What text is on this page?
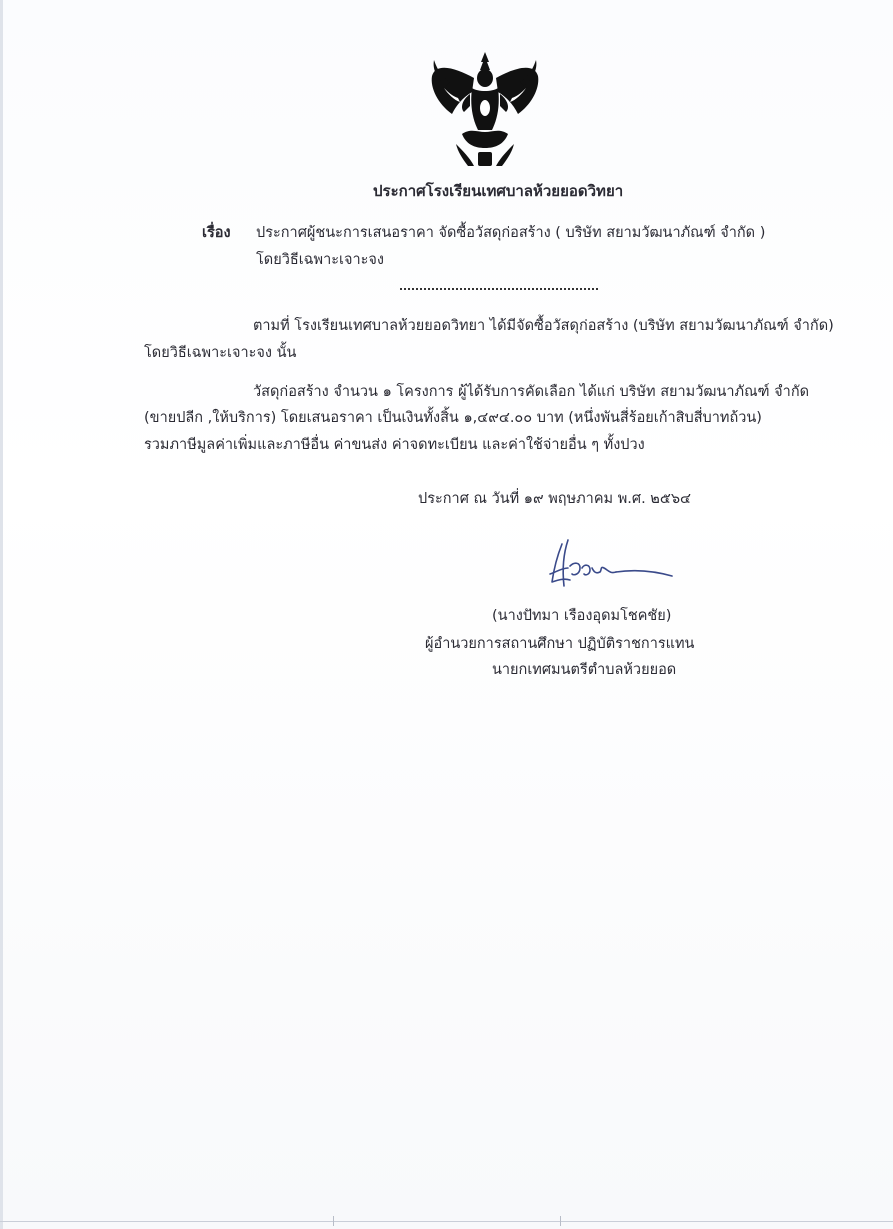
ประกาศโรงเรียนเทศบาลห้วยยอดวิทยา
เรื่อง ประกาศผู้ชนะการเสนอราคา จัดซื้อวัสดุก่อสร้าง ( บริษัท สยามวัฒนาภัณฑ์ จำกัด )
โดยวิธีเฉพาะเจาะจง
ตามที่ โรงเรียนเทศบาลห้วยยอดวิทยา ได้มีจัดซื้อวัสดุก่อสร้าง (บริษัท สยามวัฒนาภัณฑ์ จำกัด)
โดยวิธีเฉพาะเจาะจง นั้น
วัสดุก่อสร้าง จำนวน ๑ โครงการ ผู้ได้รับการคัดเลือก ได้แก่ บริษัท สยามวัฒนาภัณฑ์ จำกัด
(ขายปลีก ,ให้บริการ) โดยเสนอราคา เป็นเงินทั้งสิ้น ๑,๔๙๔.๐๐ บาท (หนึ่งพันสี่ร้อยเก้าสิบสี่บาทถ้วน)
รวมภาษีมูลค่าเพิ่มและภาษีอื่น ค่าขนส่ง ค่าจดทะเบียน และค่าใช้จ่ายอื่น ๆ ทั้งปวง
ประกาศ ณ วันที่ ๑๙ พฤษภาคม พ.ศ. ๒๕๖๔
(นางปัทมา เรืองอุดมโชคชัย)
ผู้อำนวยการสถานศึกษา ปฏิบัติราชการแทน
นายกเทศมนตรีตำบลห้วยยอด
